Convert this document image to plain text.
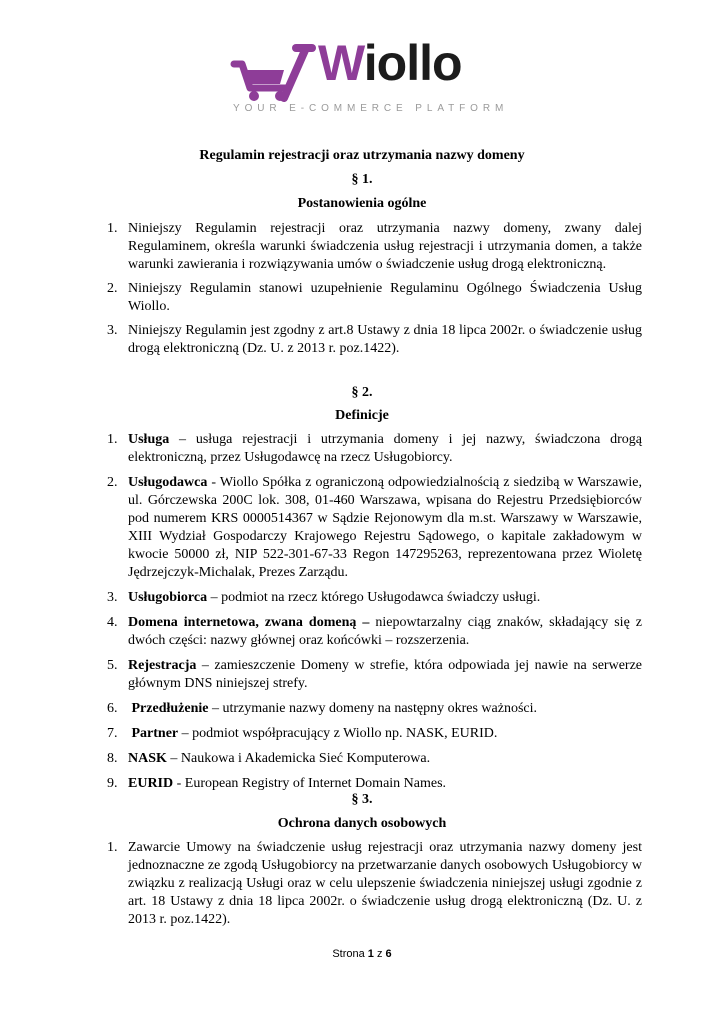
Wiollo
YOUR E-COMMERCE PLATFORM
Regulamin rejestracji oraz utrzymania nazwy domeny
§ 1.
Postanowienia ogólne
1. Niniejszy Regulamin rejestracji oraz utrzymania nazwy domeny, zwany dalej Regulaminem, określa warunki świadczenia usług rejestracji i utrzymania domen, a także warunki zawierania i rozwiązywania umów o świadczenie usług drogą elektroniczną.
2. Niniejszy Regulamin stanowi uzupełnienie Regulaminu Ogólnego Świadczenia Usług Wiollo.
3. Niniejszy Regulamin jest zgodny z art.8 Ustawy z dnia 18 lipca 2002r. o świadczenie usług drogą elektroniczną (Dz. U. z 2013 r. poz.1422).
§ 2.
Definicje
1. Usługa – usługa rejestracji i utrzymania domeny i jej nazwy, świadczona drogą elektroniczną, przez Usługodawcę na rzecz Usługobiorcy.
2. Usługodawca - Wiollo Spółka z ograniczoną odpowiedzialnością z siedzibą w Warszawie, ul. Górczewska 200C lok. 308, 01-460 Warszawa, wpisana do Rejestru Przedsiębiorców pod numerem KRS 0000514367 w Sądzie Rejonowym dla m.st. Warszawy w Warszawie, XIII Wydział Gospodarczy Krajowego Rejestru Sądowego, o kapitale zakładowym w kwocie 50000 zł, NIP 522-301-67-33 Regon 147295263, reprezentowana przez Wioletę Jędrzejczyk-Michalak, Prezes Zarządu.
3. Usługobiorca – podmiot na rzecz którego Usługodawca świadczy usługi.
4. Domena internetowa, zwana domeną – niepowtarzalny ciąg znaków, składający się z dwóch części: nazwy głównej oraz końcówki – rozszerzenia.
5. Rejestracja – zamieszczenie Domeny w strefie, która odpowiada jej nawie na serwerze głównym DNS niniejszej strefy.
6. Przedłużenie – utrzymanie nazwy domeny na następny okres ważności.
7. Partner – podmiot współpracujący z Wiollo np. NASK, EURID.
8. NASK – Naukowa i Akademicka Sieć Komputerowa.
9. EURID - European Registry of Internet Domain Names.
§ 3.
Ochrona danych osobowych
1. Zawarcie Umowy na świadczenie usług rejestracji oraz utrzymania nazwy domeny jest jednoznaczne ze zgodą Usługobiorcy na przetwarzanie danych osobowych Usługobiorcy w związku z realizacją Usługi oraz w celu ulepszenie świadczenia niniejszej usługi zgodnie z art. 18 Ustawy z dnia 18 lipca 2002r. o świadczenie usług drogą elektroniczną (Dz. U. z 2013 r. poz.1422).
Strona 1 z 6
